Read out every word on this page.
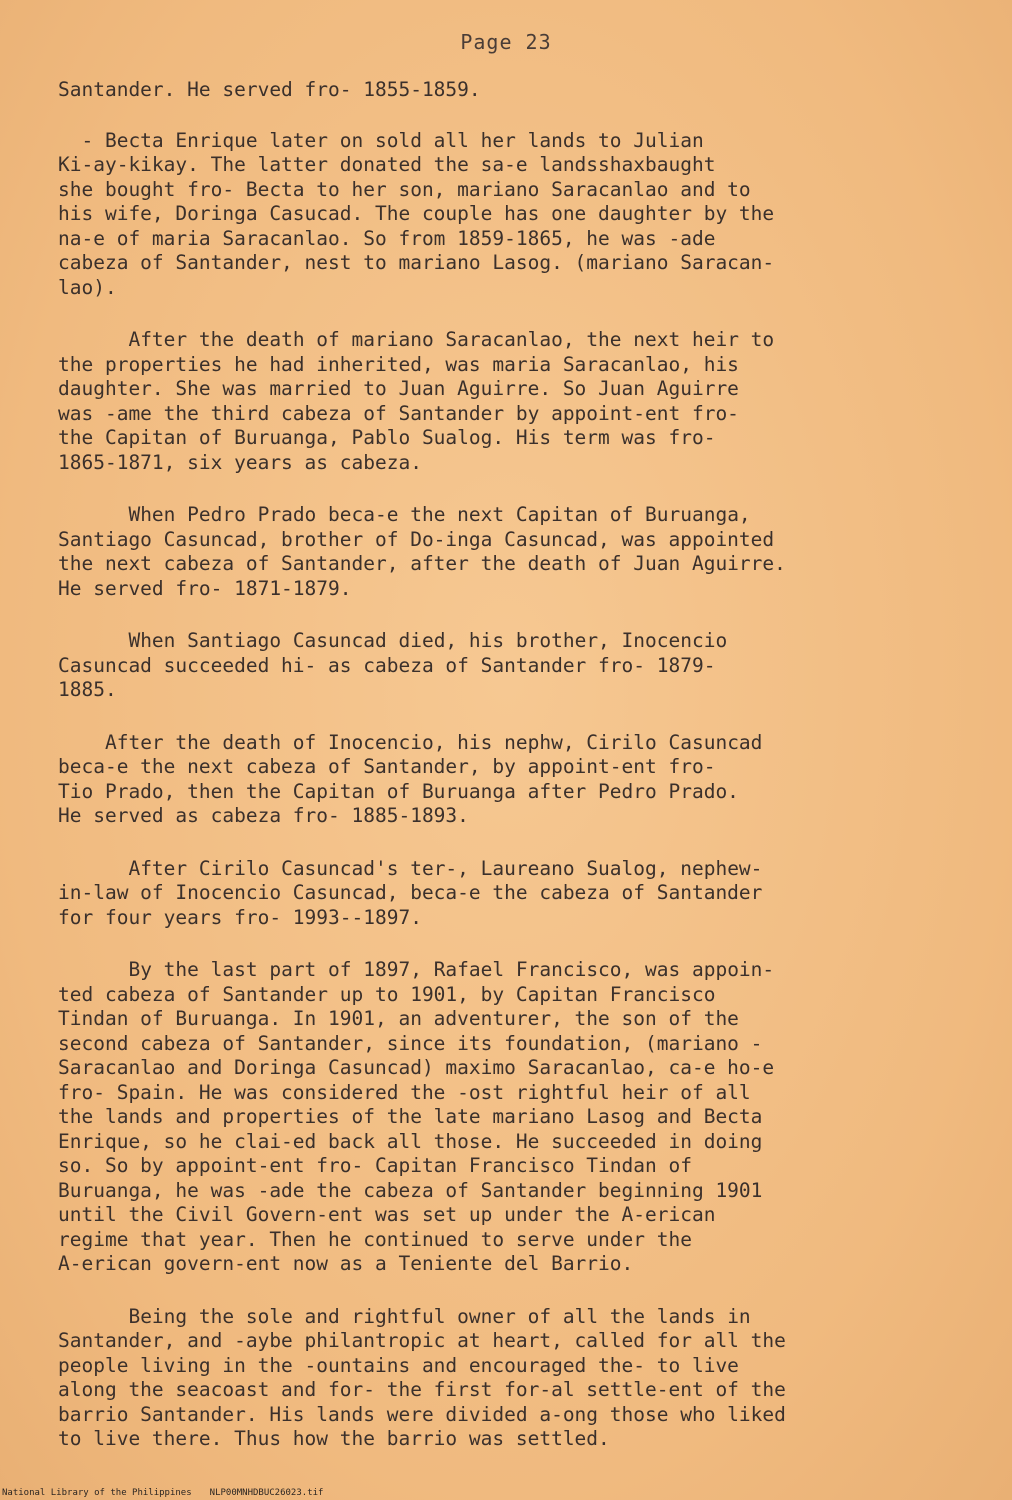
Page 23

Santander. He served fro- 1855-1859.

- Becta Enrique later on sold all her lands to Julian
Ki-ay-kikay. The latter donated the sa-e landsshaxbaught
she bought fro- Becta to her son, mariano Saracanlao and to
his wife, Doringa Casucad. The couple has one daughter by the
na-e of maria Saracanlao. So from 1859-1865, he was -ade
cabeza of Santander, nest to mariano Lasog. (mariano Saracan-
lao).

After the death of mariano Saracanlao, the next heir to
the properties he had inherited, was maria Saracanlao, his
daughter. She was married to Juan Aguirre. So Juan Aguirre
was -ame the third cabeza of Santander by appoint-ent fro-
the Capitan of Buruanga, Pablo Sualog. His term was fro-
1865-1871, six years as cabeza.

When Pedro Prado beca-e the next Capitan of Buruanga,
Santiago Casuncad, brother of Do-inga Casuncad, was appointed
the next cabeza of Santander, after the death of Juan Aguirre.
He served fro- 1871-1879.

When Santiago Casuncad died, his brother, Inocencio
Casuncad succeeded hi- as cabeza of Santander fro- 1879-
1885.

After the death of Inocencio, his nephw, Cirilo Casuncad
beca-e the next cabeza of Santander, by appoint-ent fro-
Tio Prado, then the Capitan of Buruanga after Pedro Prado.
He served as cabeza fro- 1885-1893.

After Cirilo Casuncad's ter-, Laureano Sualog, nephew-
in-law of Inocencio Casuncad, beca-e the cabeza of Santander
for four years fro- 1993--1897.

By the last part of 1897, Rafael Francisco, was appoin-
ted cabeza of Santander up to 1901, by Capitan Francisco
Tindan of Buruanga. In 1901, an adventurer, the son of the
second cabeza of Santander, since its foundation, (mariano -
Saracanlao and Doringa Casuncad) maximo Saracanlao, ca-e ho-e
fro- Spain. He was considered the -ost rightful heir of all
the lands and properties of the late mariano Lasog and Becta
Enrique, so he clai-ed back all those. He succeeded in doing
so. So by appoint-ent fro- Capitan Francisco Tindan of
Buruanga, he was -ade the cabeza of Santander beginning 1901
until the Civil Govern-ent was set up under the A-erican
regime that year. Then he continued to serve under the
A-erican govern-ent now as a Teniente del Barrio.

Being the sole and rightful owner of all the lands in
Santander, and -aybe philantropic at heart, called for all the
people living in the -ountains and encouraged the- to live
along the seacoast and for- the first for-al settle-ent of the
barrio Santander. His lands were divided a-ong those who liked
to live there. Thus how the barrio was settled.

National Library of the Philippines NLP00MNHDBUC26023.tif
